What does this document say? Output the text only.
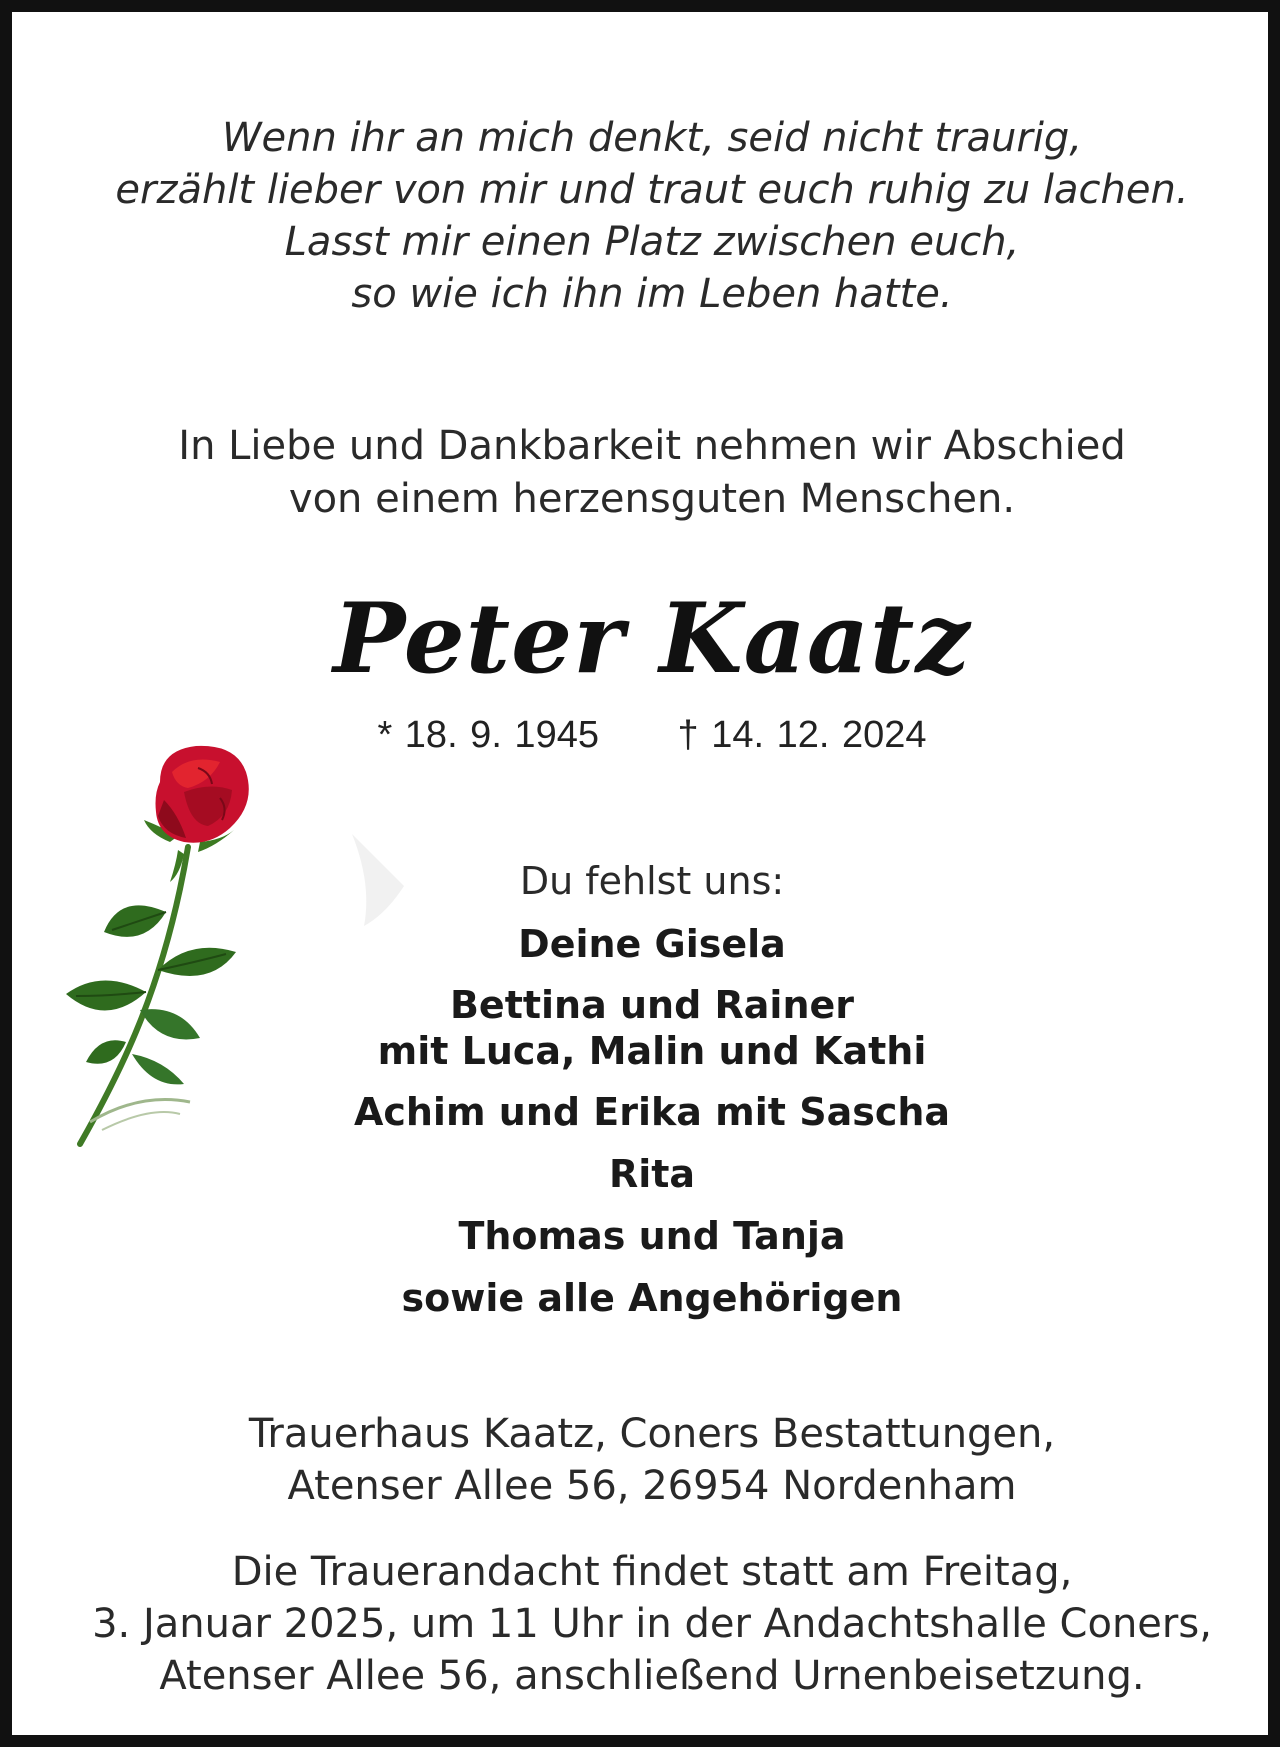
Wenn ihr an mich denkt, seid nicht traurig,
erzählt lieber von mir und traut euch ruhig zu lachen.
Lasst mir einen Platz zwischen euch,
so wie ich ihn im Leben hatte.
In Liebe und Dankbarkeit nehmen wir Abschied
von einem herzensguten Menschen.
Peter Kaatz
* 18. 9. 1945 † 14. 12. 2024
Du fehlst uns:
Deine Gisela
Bettina und Rainer
mit Luca, Malin und Kathi
Achim und Erika mit Sascha
Rita
Thomas und Tanja
sowie alle Angehörigen
Trauerhaus Kaatz, Coners Bestattungen,
Atenser Allee 56, 26954 Nordenham
Die Trauerandacht findet statt am Freitag,
3. Januar 2025, um 11 Uhr in der Andachtshalle Coners,
Atenser Allee 56, anschließend Urnenbeisetzung.
